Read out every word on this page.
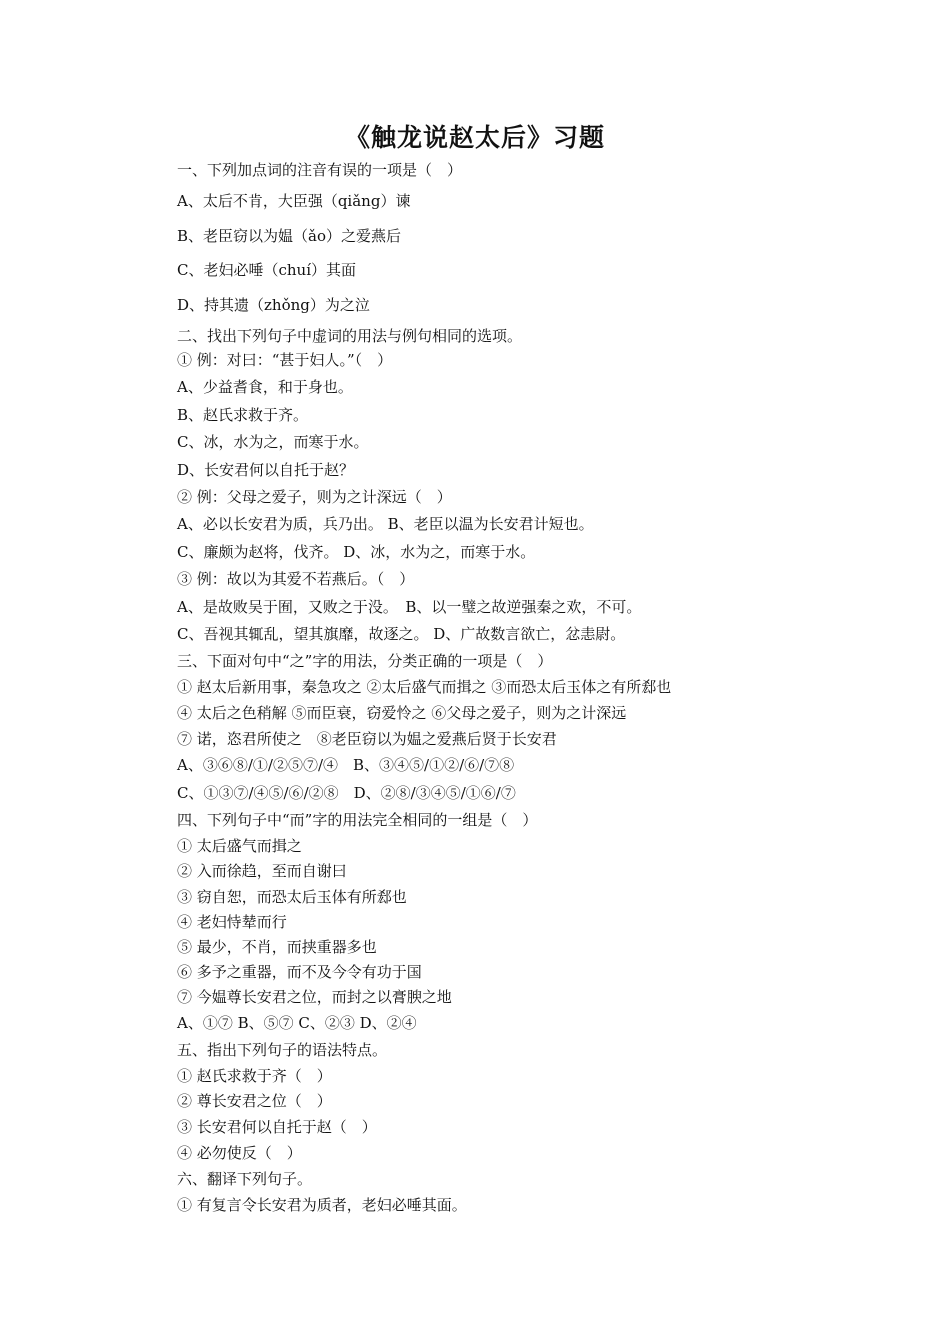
《触龙说赵太后》习题
一、下列加点词的注音有误的一项是（　）
A、太后不肯，大臣强（qiǎng）谏
B、老臣窃以为媪（ǎo）之爱燕后
C、老妇必唾（chuí）其面
D、持其遗（zhǒng）为之泣
二、找出下列句子中虚词的用法与例句相同的选项。
① 例：对曰：“甚于妇人。”（　）
A、少益耆食，和于身也。
B、赵氏求救于齐。
C、冰，水为之，而寒于水。
D、长安君何以自托于赵？
② 例：父母之爱子，则为之计深远（　）
A、必以长安君为质，兵乃出。 B、老臣以温为长安君计短也。
C、廉颇为赵将，伐齐。 D、冰，水为之，而寒于水。
③ 例：故以为其爱不若燕后。（　）
A、是故败吴于囿，又败之于没。　B、以一璧之故逆强秦之欢，不可。
C、吾视其辄乱，望其旗靡，故逐之。 D、广故数言欲亡，忿恚尉。
三、下面对句中“之”字的用法，分类正确的一项是（　）
① 赵太后新用事，秦急攻之 ②太后盛气而揖之 ③而恐太后玉体之有所郄也
④ 太后之色稍解 ⑤而臣衰，窃爱怜之 ⑥父母之爱子，则为之计深远
⑦ 诺，恣君所使之　⑧老臣窃以为媪之爱燕后贤于长安君
A、③⑥⑧/①/②⑤⑦/④　B、③④⑤/①②/⑥/⑦⑧
C、①③⑦/④⑤/⑥/②⑧　D、②⑧/③④⑤/①⑥/⑦
四、下列句子中“而”字的用法完全相同的一组是（　）
① 太后盛气而揖之
② 入而徐趋，至而自谢曰
③ 窃自恕，而恐太后玉体有所郄也
④ 老妇恃辇而行
⑤ 最少，不肖，而挟重器多也
⑥ 多予之重器，而不及今令有功于国
⑦ 今媪尊长安君之位，而封之以膏腴之地
A、①⑦ B、⑤⑦ C、②③ D、②④
五、指出下列句子的语法特点。
① 赵氏求救于齐（　）
② 尊长安君之位（　）
③ 长安君何以自托于赵（　）
④ 必勿使反（　）
六、翻译下列句子。
① 有复言令长安君为质者，老妇必唾其面。
